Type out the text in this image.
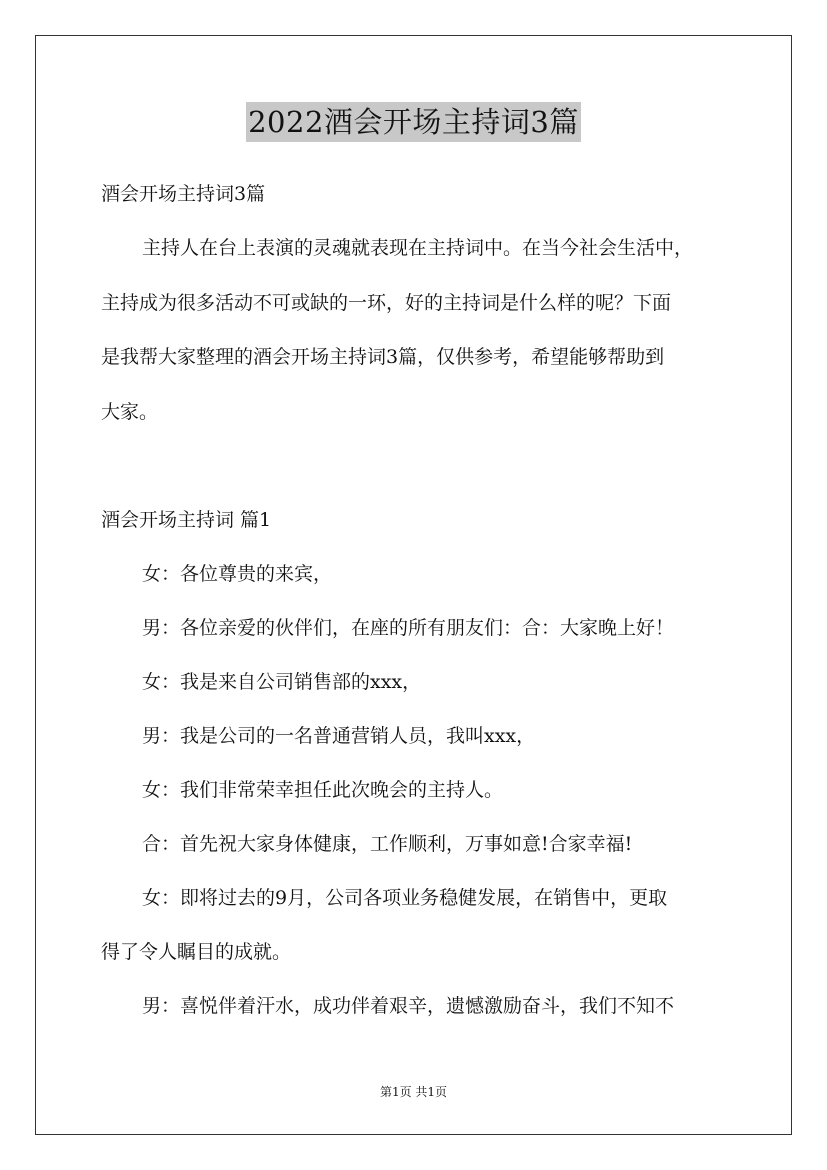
2022酒会开场主持词3篇
酒会开场主持词3篇
主持人在台上表演的灵魂就表现在主持词中。在当今社会生活中，
主持成为很多活动不可或缺的一环，好的主持词是什么样的呢？下面
是我帮大家整理的酒会开场主持词3篇，仅供参考，希望能够帮助到
大家。
酒会开场主持词 篇1
女：各位尊贵的来宾，
男：各位亲爱的伙伴们，在座的所有朋友们：合：大家晚上好！
女：我是来自公司销售部的xxx，
男：我是公司的一名普通营销人员，我叫xxx，
女：我们非常荣幸担任此次晚会的主持人。
合：首先祝大家身体健康，工作顺利，万事如意!合家幸福!
女：即将过去的9月，公司各项业务稳健发展，在销售中，更取
得了令人瞩目的成就。
男：喜悦伴着汗水，成功伴着艰辛，遗憾激励奋斗，我们不知不
第1页 共1页
